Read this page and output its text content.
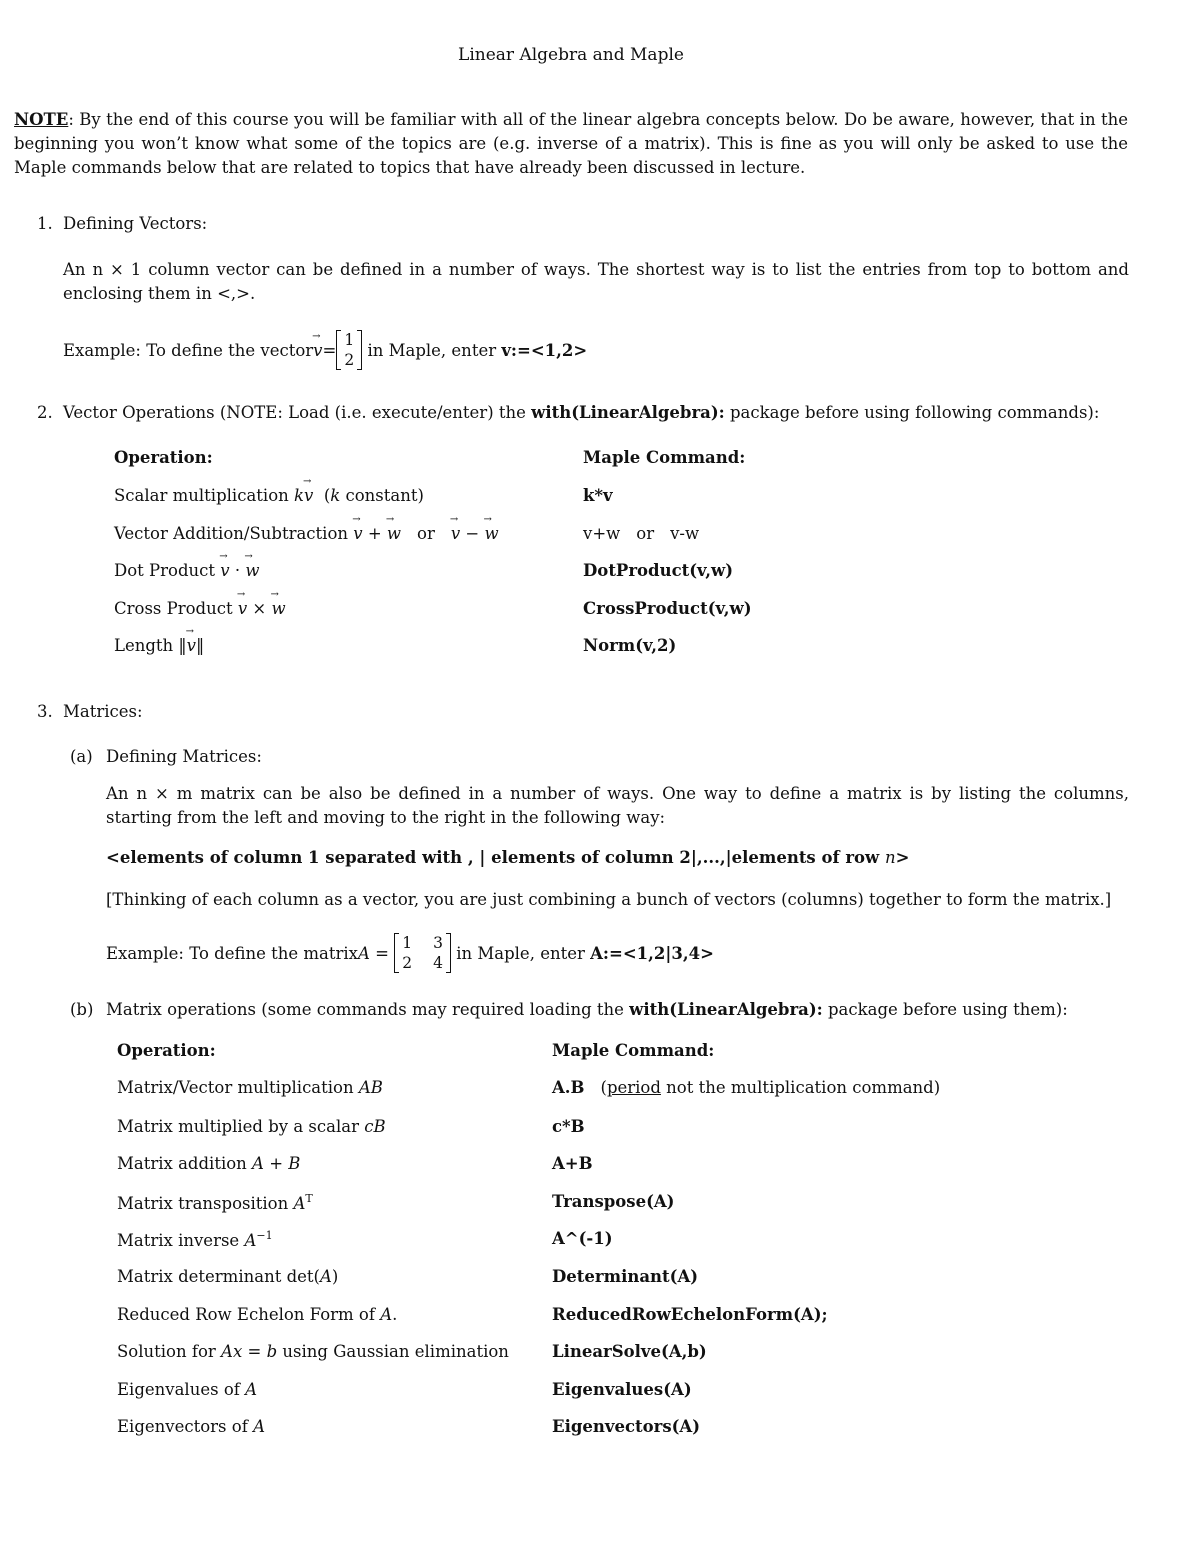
Linear Algebra and Maple
NOTE: By the end of this course you will be familiar with all of the linear algebra concepts below. Do be aware, however, that in the beginning you won’t know what some of the topics are (e.g. inverse of a matrix). This is fine as you will only be asked to use the Maple commands below that are related to topics that have already been discussed in lecture.
1. Defining Vectors:
An n × 1 column vector can be defined in a number of ways. The shortest way is to list the entries from top to bottom and enclosing them in <,>.
Example: To define the vector → v =
1
2
in Maple, enter v:=<1,2>
2. Vector Operations (NOTE: Load (i.e. execute/enter) the with(LinearAlgebra): package before using following commands):
Operation:	Maple Command:
Scalar multiplication k→ v  (k constant)	k*v
Vector Addition/Subtraction → v + → w or → v − → w	v+w or v-w
Dot Product → v · → w	DotProduct(v,w)
Cross Product → v × → w	CrossProduct(v,w)
Length ‖→ v‖	Norm(v,2)
3. Matrices:
(a) Defining Matrices:
An n × m matrix can be also be defined in a number of ways. One way to define a matrix is by listing the columns, starting from the left and moving to the right in the following way:
<elements of column 1 separated with , | elements of column 2|,...,|elements of row n>
[Thinking of each column as a vector, you are just combining a bunch of vectors (columns) together to form the matrix.]
Example: To define the matrix A =
1	3
2	4
in Maple, enter A:=<1,2|3,4>
(b) Matrix operations (some commands may required loading the with(LinearAlgebra): package before using them):
Operation:	Maple Command:
Matrix/Vector multiplication AB	A.B (period not the multiplication command)
Matrix multiplied by a scalar cB	c*B
Matrix addition A + B	A+B
Matrix transposition $A^T$	Transpose(A)
Matrix inverse $A^{-1}$	A^(-1)
Matrix determinant det(A)	Determinant(A)
Reduced Row Echelon Form of A.	ReducedRowEchelonForm(A);
Solution for Ax = b using Gaussian elimination	LinearSolve(A,b)
Eigenvalues of A	Eigenvalues(A)
Eigenvectors of A	Eigenvectors(A)
